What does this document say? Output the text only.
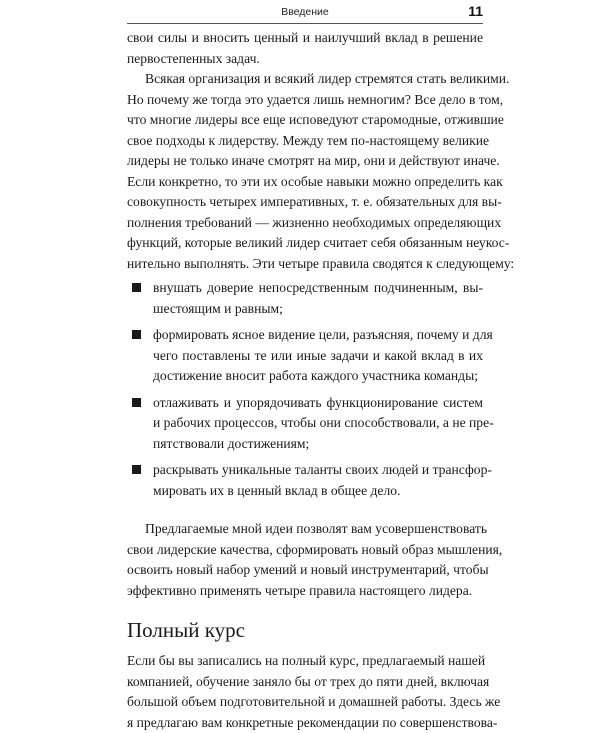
Введение	11
свои силы и вносить ценный и наилучший вклад в решение
первостепенных задач.
Всякая организация и всякий лидер стремятся стать великими.
Но почему же тогда это удается лишь немногим? Все дело в том,
что многие лидеры все еще исповедуют старомодные, отжившие
свое подходы к лидерству. Между тем по-настоящему великие
лидеры не только иначе смотрят на мир, они и действуют иначе.
Если конкретно, то эти их особые навыки можно определить как
совокупность четырех императивных, т. е. обязательных для вы-
полнения требований — жизненно необходимых определяющих
функций, которые великий лидер считает себя обязанным неукос-
нительно выполнять. Эти четыре правила сводятся к следующему:
внушать доверие непосредственным подчиненным, вы-
шестоящим и равным;
формировать ясное видение цели, разъясняя, почему и для
чего поставлены те или иные задачи и какой вклад в их
достижение вносит работа каждого участника команды;
отлаживать и упорядочивать функционирование систем
и рабочих процессов, чтобы они способствовали, а не пре-
пятствовали достижениям;
раскрывать уникальные таланты своих людей и трансфор-
мировать их в ценный вклад в общее дело.
Предлагаемые мной идеи позволят вам усовершенствовать
свои лидерские качества, сформировать новый образ мышления,
освоить новый набор умений и новый инструментарий, чтобы
эффективно применять четыре правила настоящего лидера.
Полный курс
Если бы вы записались на полный курс, предлагаемый нашей
компанией, обучение заняло бы от трех до пяти дней, включая
большой объем подготовительной и домашней работы. Здесь же
я предлагаю вам конкретные рекомендации по совершенствова-
